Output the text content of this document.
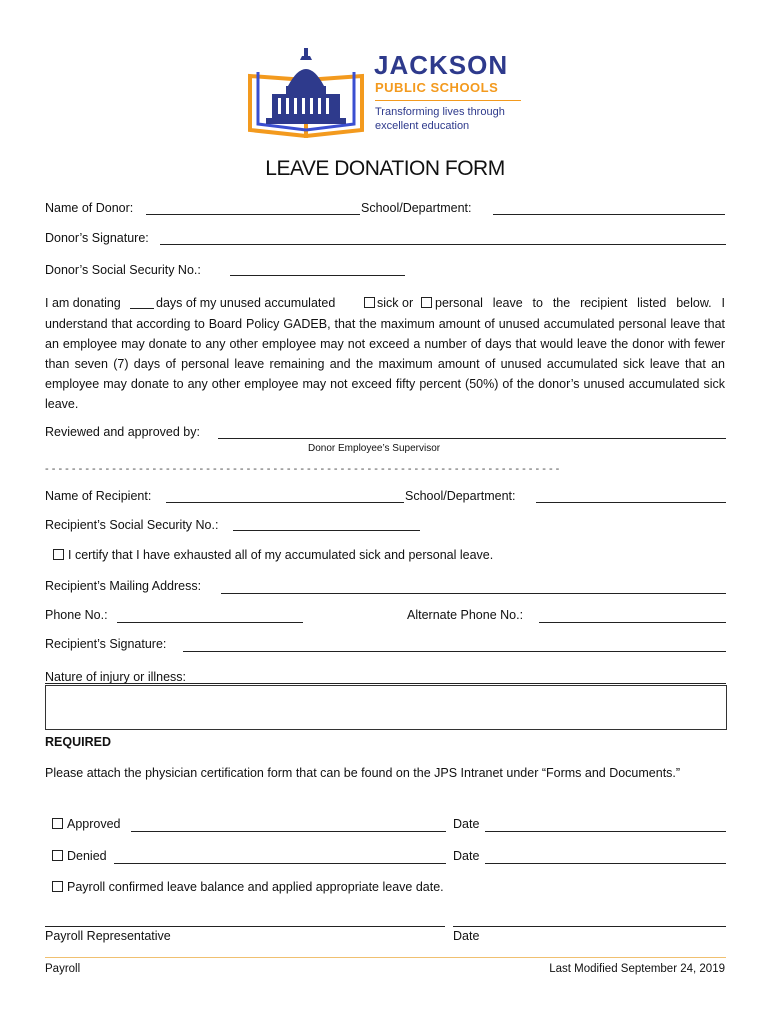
JACKSON
PUBLIC SCHOOLS
Transforming lives through
excellent education
LEAVE DONATION FORM
Name of Donor:	School/Department:
Donor’s Signature:
Donor’s Social Security No.:
I am donating	days of my unused accumulated	sick or personal leave to the recipient listed below. I
understand that according to Board Policy GADEB, that the maximum amount of unused accumulated personal leave that an employee may donate to any other employee may not exceed a number of days that would leave the donor with fewer than seven (7) days of personal leave remaining and the maximum amount of unused accumulated sick leave that an employee may donate to any other employee may not exceed fifty percent (50%) of the donor’s unused accumulated sick leave.
Reviewed and approved by:
Donor Employee’s Supervisor
- - - - - - - - - - - - - - - - - - - - - - - - - - - - - - - - - - - - - - - - - - - - - - - - - - - - - - - - - - - - - - - - - - - - - - - - - - - - -
Name of Recipient:	School/Department:
Recipient’s Social Security No.:
I certify that I have exhausted all of my accumulated sick and personal leave.
Recipient’s Mailing Address:
Phone No.:	Alternate Phone No.:
Recipient’s Signature:
Nature of injury or illness:
REQUIRED
Please attach the physician certification form that can be found on the JPS Intranet under “Forms and Documents.”
Approved	Date
Denied	Date
Payroll confirmed leave balance and applied appropriate leave date.
Payroll Representative	Date
Payroll	Last Modified September 24, 2019
